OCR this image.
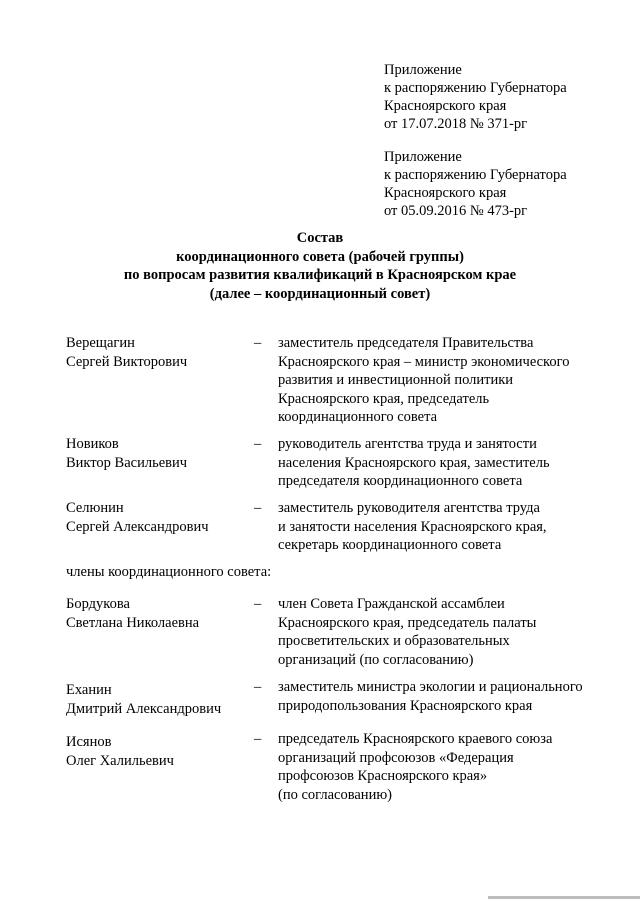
Приложение
к распоряжению Губернатора
Красноярского края
от 17.07.2018 № 371-рг
Приложение
к распоряжению Губернатора
Красноярского края
от 05.09.2016 № 473-рг
Состав
координационного совета (рабочей группы)
по вопросам развития квалификаций в Красноярском крае
(далее – координационный совет)
Верещагин
Сергей Викторович
– заместитель председателя Правительства
Красноярского края – министр экономического
развития и инвестиционной политики
Красноярского края, председатель
координационного совета
Новиков
Виктор Васильевич
– руководитель агентства труда и занятости
населения Красноярского края, заместитель
председателя координационного совета
Селюнин
Сергей Александрович
– заместитель руководителя агентства труда
и занятости населения Красноярского края,
секретарь координационного совета
члены координационного совета:
Бордукова
Светлана Николаевна
– член Совета Гражданской ассамблеи
Красноярского края, председатель палаты
просветительских и образовательных
организаций (по согласованию)
Еханин
Дмитрий Александрович
– заместитель министра экологии и рационального
природопользования Красноярского края
Исянов
Олег Халильевич
– председатель Красноярского краевого союза
организаций профсоюзов «Федерация
профсоюзов Красноярского края»
(по согласованию)
